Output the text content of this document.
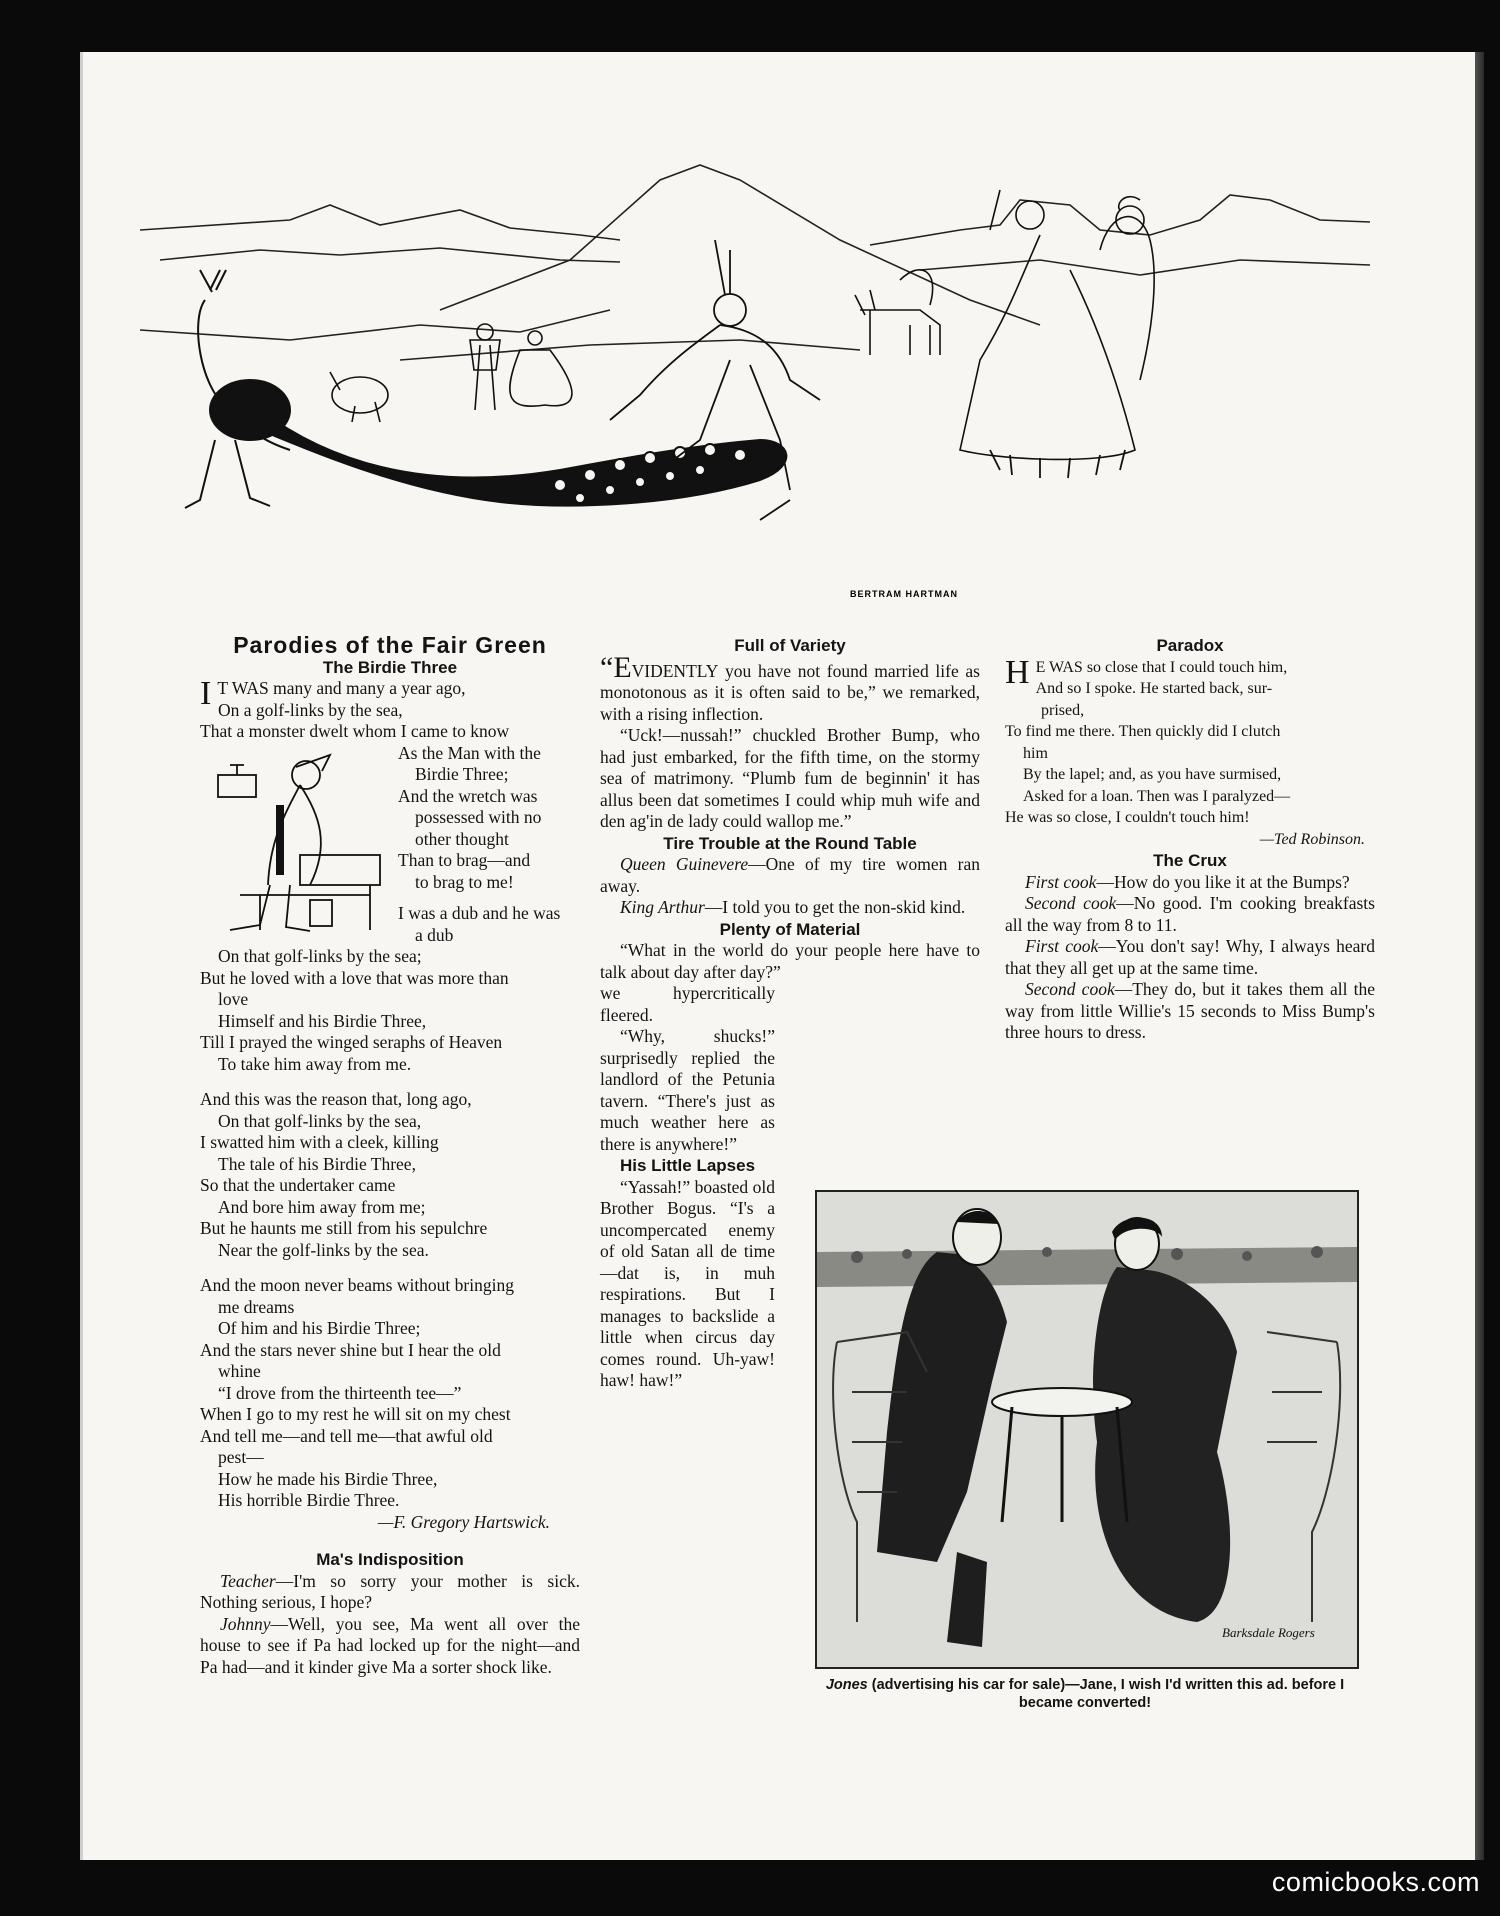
BERTRAM HARTMAN

Parodies of the Fair Green

The Birdie Three

I T WAS many and many a year ago,

On a golf-links by the sea,

That a monster dwelt whom I came to know

As the Man with the

Birdie Three;

And the wretch was

possessed with no

other thought

Than to brag—and

to brag to me!

I was a dub and he was

a dub

On that golf-links by the sea;

But he loved with a love that was more than

love

Himself and his Birdie Three,

Till I prayed the winged seraphs of Heaven

To take him away from me.

And this was the reason that, long ago,

On that golf-links by the sea,

I swatted him with a cleek, killing

The tale of his Birdie Three,

So that the undertaker came

And bore him away from me;

But he haunts me still from his sepulchre

Near the golf-links by the sea.

And the moon never beams without bringing

me dreams

Of him and his Birdie Three;

And the stars never shine but I hear the old

whine

“I drove from the thirteenth tee—”

When I go to my rest he will sit on my chest

And tell me—and tell me—that awful old

pest—

How he made his Birdie Three,

His horrible Birdie Three.

—F. Gregory Hartswick.

Ma's Indisposition

Teacher—I'm so sorry your mother is sick. Nothing serious, I hope?

Johnny—Well, you see, Ma went all over the house to see if Pa had locked up for the night—and Pa had—and it kinder give Ma a sorter shock like.

Full of Variety

“EVIDENTLY you have not found married life as monotonous as it is often said to be,” we remarked, with a rising inflection.

“Uck!—nussah!” chuckled Brother Bump, who had just embarked, for the fifth time, on the stormy sea of matrimony. “Plumb fum de beginnin' it has allus been dat sometimes I could whip muh wife and den ag'in de lady could wallop me.”

Tire Trouble at the Round Table

Queen Guinevere—One of my tire women ran away.

King Arthur—I told you to get the non-skid kind.

Plenty of Material

“What in the world do your people here have to talk about day after day?”

we hypercritically fleered.

“Why, shucks!” surprisedly replied the landlord of the Petunia tavern. “There's just as much weather here as there is anywhere!”

His Little Lapses

“Yassah!” boasted old Brother Bogus. “I's a uncompercated enemy of old Satan all de time—dat is, in muh respirations. But I manages to backslide a little when circus day comes round. Uh-yaw! haw! haw!”

Paradox

H E WAS so close that I could touch him,

And so I spoke. He started back, sur-

prised,

To find me there. Then quickly did I clutch

him

By the lapel; and, as you have surmised,

Asked for a loan. Then was I paralyzed—

He was so close, I couldn't touch him!

—Ted Robinson.

The Crux

First cook—How do you like it at the Bumps?

Second cook—No good. I'm cooking breakfasts all the way from 8 to 11.

First cook—You don't say! Why, I always heard that they all get up at the same time.

Second cook—They do, but it takes them all the way from little Willie's 15 seconds to Miss Bump's three hours to dress.

Barksdale Rogers
Jones (advertising his car for sale)—Jane, I wish I'd written this ad. before I became converted!
comicbooks.com
